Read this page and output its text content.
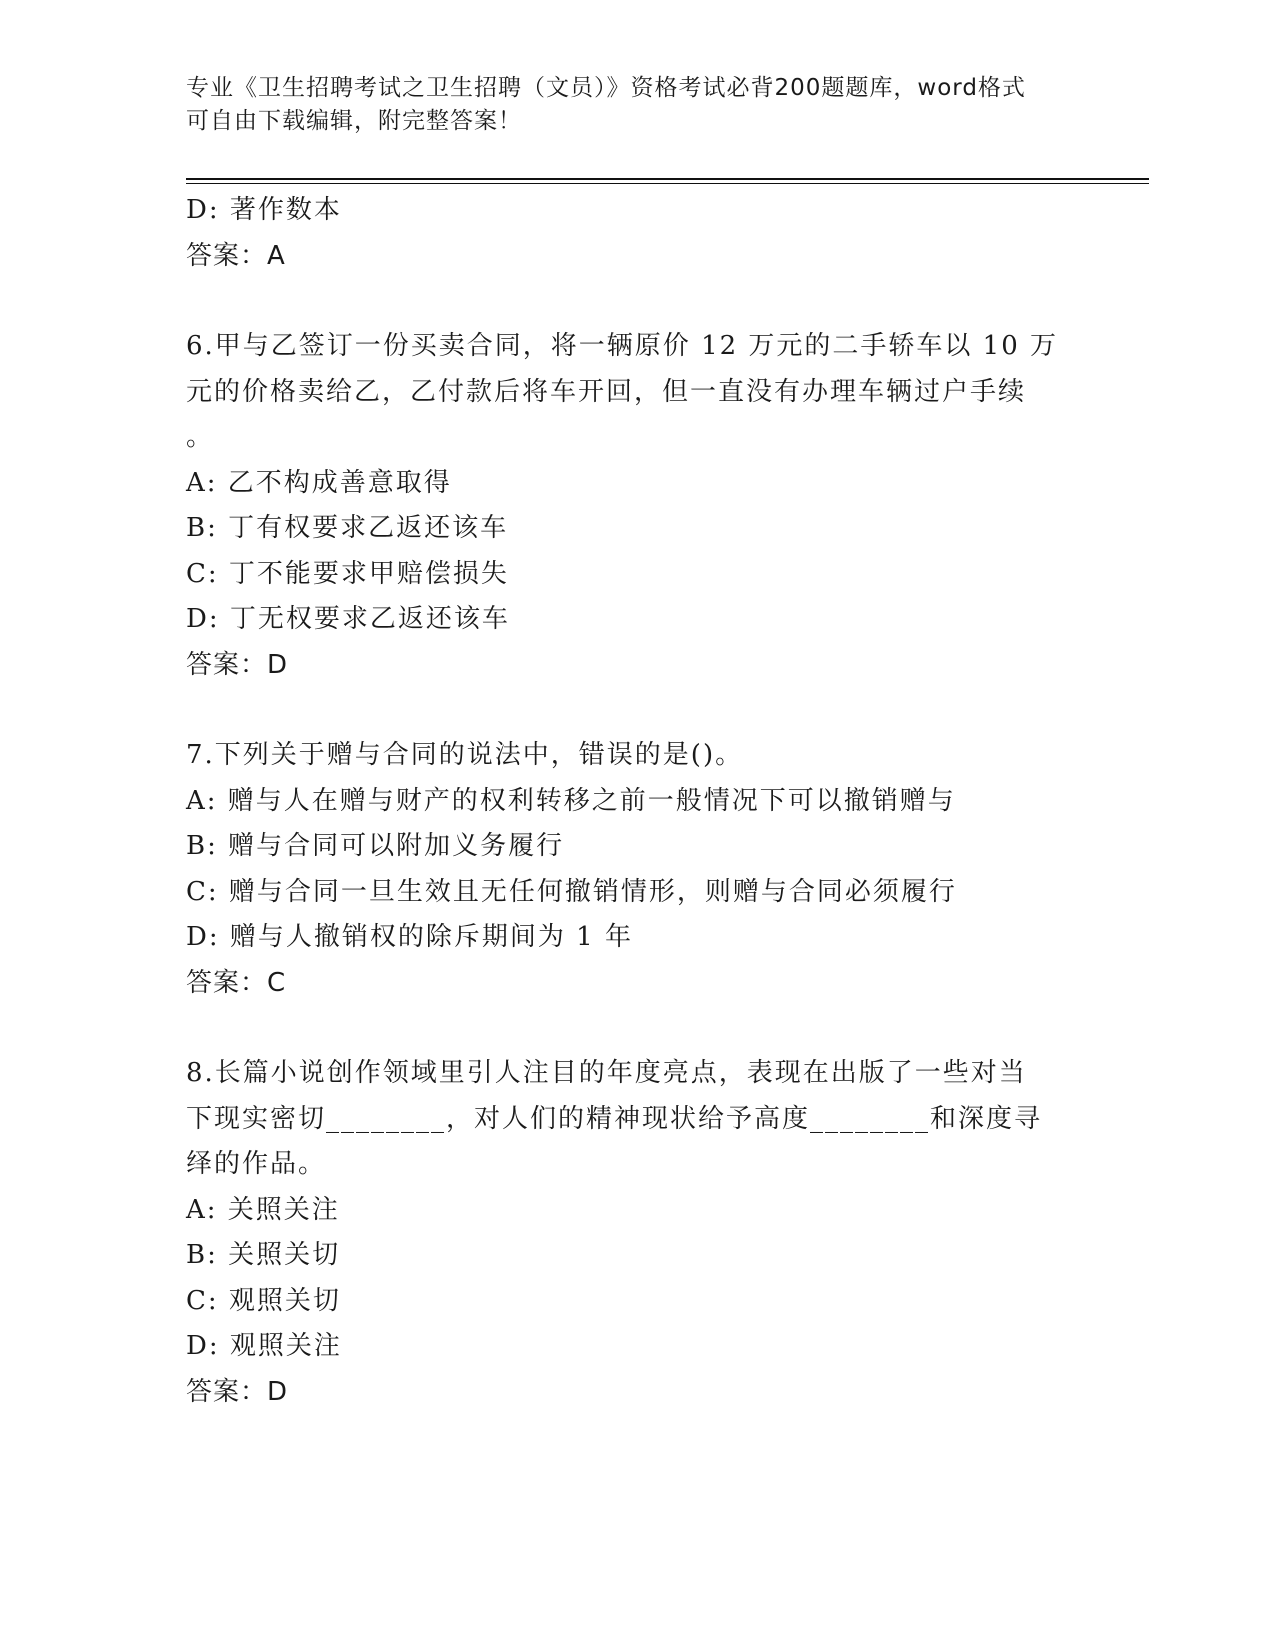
专业《卫生招聘考试之卫生招聘（文员）》资格考试必背200题题库，word格式
可自由下载编辑，附完整答案！
D: 著作数本
答案：A
6.甲与乙签订一份买卖合同，将一辆原价 12 万元的二手轿车以 10 万
元的价格卖给乙，乙付款后将车开回，但一直没有办理车辆过户手续
。
A: 乙不构成善意取得
B: 丁有权要求乙返还该车
C: 丁不能要求甲赔偿损失
D: 丁无权要求乙返还该车
答案：D
7.下列关于赠与合同的说法中，错误的是()。
A: 赠与人在赠与财产的权利转移之前一般情况下可以撤销赠与
B: 赠与合同可以附加义务履行
C: 赠与合同一旦生效且无任何撤销情形，则赠与合同必须履行
D: 赠与人撤销权的除斥期间为 1 年
答案：C
8.长篇小说创作领域里引人注目的年度亮点，表现在出版了一些对当
下现实密切________，对人们的精神现状给予高度________和深度寻
绎的作品。
A: 关照关注
B: 关照关切
C: 观照关切
D: 观照关注
答案：D
